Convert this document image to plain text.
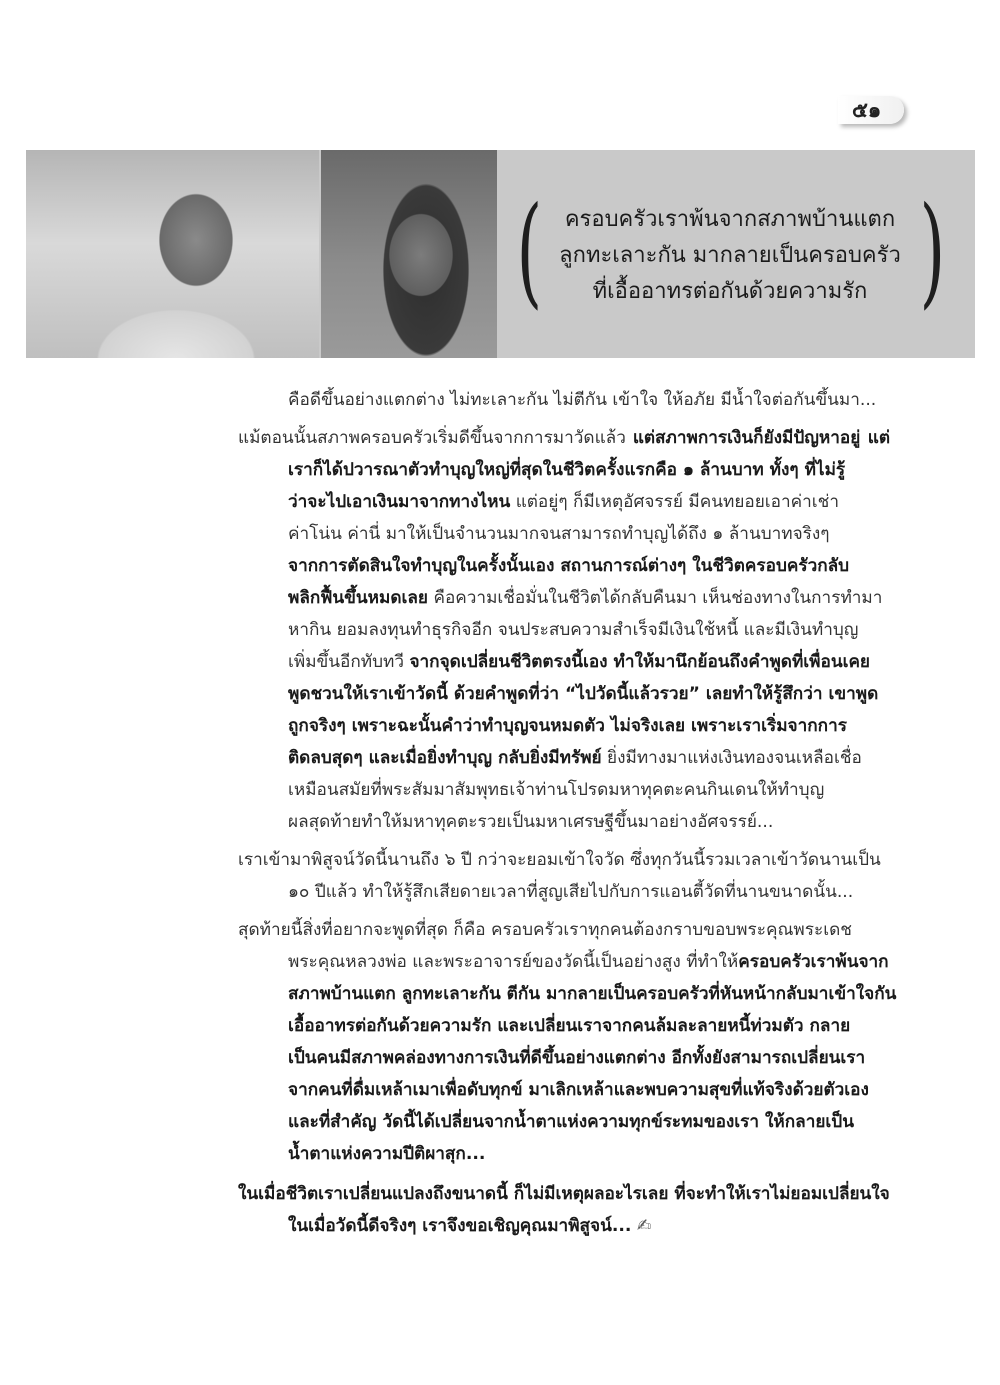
๕๑
(	ครอบครัวเราพ้นจากสภาพบ้านแตก
ลูกทะเลาะกัน มากลายเป็นครอบครัว
ที่เอื้ออาทรต่อกันด้วยความรัก )
คือดีขึ้นอย่างแตกต่าง ไม่ทะเลาะกัน ไม่ตีกัน เข้าใจ ให้อภัย มีน้ำใจต่อกันขึ้นมา...
แม้ตอนนั้นสภาพครอบครัวเริ่มดีขึ้นจากการมาวัดแล้ว แต่สภาพการเงินก็ยังมีปัญหาอยู่ แต่
เราก็ได้ปวารณาตัวทำบุญใหญ่ที่สุดในชีวิตครั้งแรกคือ ๑ ล้านบาท ทั้งๆ ที่ไม่รู้
ว่าจะไปเอาเงินมาจากทางไหน แต่อยู่ๆ ก็มีเหตุอัศจรรย์ มีคนทยอยเอาค่าเช่า
ค่าโน่น ค่านี่ มาให้เป็นจำนวนมากจนสามารถทำบุญได้ถึง ๑ ล้านบาทจริงๆ
จากการตัดสินใจทำบุญในครั้งนั้นเอง สถานการณ์ต่างๆ ในชีวิตครอบครัวกลับ
พลิกฟื้นขึ้นหมดเลย คือความเชื่อมั่นในชีวิตได้กลับคืนมา เห็นช่องทางในการทำมา
หากิน ยอมลงทุนทำธุรกิจอีก จนประสบความสำเร็จมีเงินใช้หนี้ และมีเงินทำบุญ
เพิ่มขึ้นอีกทับทวี จากจุดเปลี่ยนชีวิตตรงนี้เอง ทำให้มานึกย้อนถึงคำพูดที่เพื่อนเคย
พูดชวนให้เราเข้าวัดนี้ ด้วยคำพูดที่ว่า “ไปวัดนี้แล้วรวย” เลยทำให้รู้สึกว่า เขาพูด
ถูกจริงๆ เพราะฉะนั้นคำว่าทำบุญจนหมดตัว ไม่จริงเลย เพราะเราเริ่มจากการ
ติดลบสุดๆ และเมื่อยิ่งทำบุญ กลับยิ่งมีทรัพย์ ยิ่งมีทางมาแห่งเงินทองจนเหลือเชื่อ
เหมือนสมัยที่พระสัมมาสัมพุทธเจ้าท่านโปรดมหาทุคตะคนกินเดนให้ทำบุญ
ผลสุดท้ายทำให้มหาทุคตะรวยเป็นมหาเศรษฐีขึ้นมาอย่างอัศจรรย์...
เราเข้ามาพิสูจน์วัดนี้นานถึง ๖ ปี กว่าจะยอมเข้าใจวัด ซึ่งทุกวันนี้รวมเวลาเข้าวัดนานเป็น
๑๐ ปีแล้ว ทำให้รู้สึกเสียดายเวลาที่สูญเสียไปกับการแอนตี้วัดที่นานขนาดนั้น...
สุดท้ายนี้สิ่งที่อยากจะพูดที่สุด ก็คือ ครอบครัวเราทุกคนต้องกราบขอบพระคุณพระเดช
พระคุณหลวงพ่อ และพระอาจารย์ของวัดนี้เป็นอย่างสูง ที่ทำให้ครอบครัวเราพ้นจาก
สภาพบ้านแตก ลูกทะเลาะกัน ตีกัน มากลายเป็นครอบครัวที่หันหน้ากลับมาเข้าใจกัน
เอื้ออาทรต่อกันด้วยความรัก และเปลี่ยนเราจากคนล้มละลายหนี้ท่วมตัว กลาย
เป็นคนมีสภาพคล่องทางการเงินที่ดีขึ้นอย่างแตกต่าง อีกทั้งยังสามารถเปลี่ยนเรา
จากคนที่ดื่มเหล้าเมาเพื่อดับทุกข์ มาเลิกเหล้าและพบความสุขที่แท้จริงด้วยตัวเอง
และที่สำคัญ วัดนี้ได้เปลี่ยนจากน้ำตาแห่งความทุกข์ระทมของเรา ให้กลายเป็น
น้ำตาแห่งความปีติผาสุก...
ในเมื่อชีวิตเราเปลี่ยนแปลงถึงขนาดนี้ ก็ไม่มีเหตุผลอะไรเลย ที่จะทำให้เราไม่ยอมเปลี่ยนใจ
ในเมื่อวัดนี้ดีจริงๆ เราจึงขอเชิญคุณมาพิสูจน์... ✍
